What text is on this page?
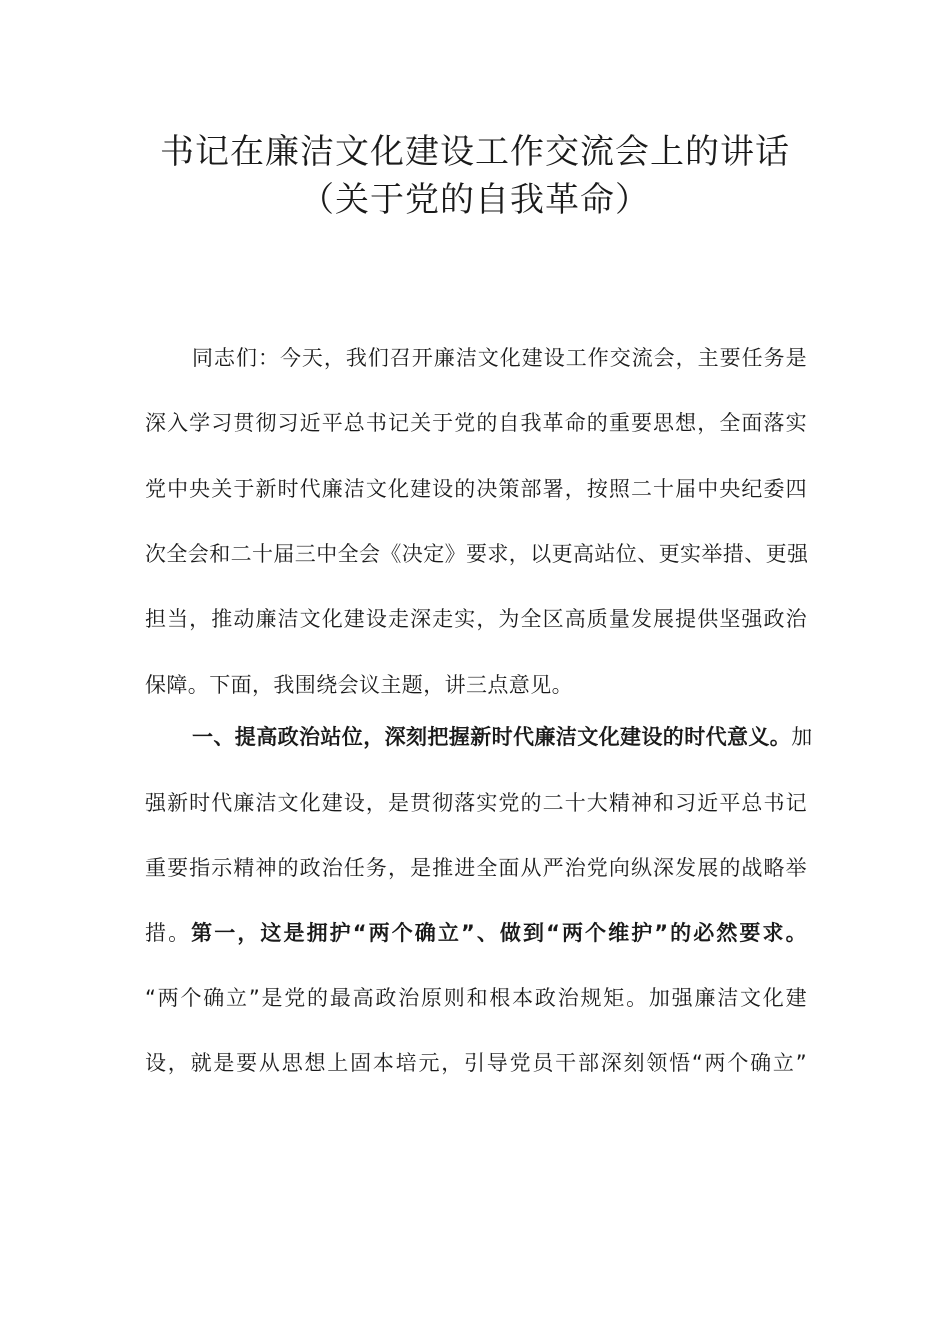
书记在廉洁文化建设工作交流会上的讲话
（关于党的自我革命）
同志们：今天，我们召开廉洁文化建设工作交流会，主要任务是
深入学习贯彻习近平总书记关于党的自我革命的重要思想，全面落实
党中央关于新时代廉洁文化建设的决策部署，按照二十届中央纪委四
次全会和二十届三中全会《决定》要求，以更高站位、更实举措、更强
担当，推动廉洁文化建设走深走实，为全区高质量发展提供坚强政治
保障。下面，我围绕会议主题，讲三点意见。
一、提高政治站位，深刻把握新时代廉洁文化建设的时代意义。加
强新时代廉洁文化建设，是贯彻落实党的二十大精神和习近平总书记
重要指示精神的政治任务，是推进全面从严治党向纵深发展的战略举
措。第一，这是拥护“两个确立”、做到“两个维护”的必然要求。
“两个确立”是党的最高政治原则和根本政治规矩。加强廉洁文化建
设，就是要从思想上固本培元，引导党员干部深刻领悟“两个确立”
